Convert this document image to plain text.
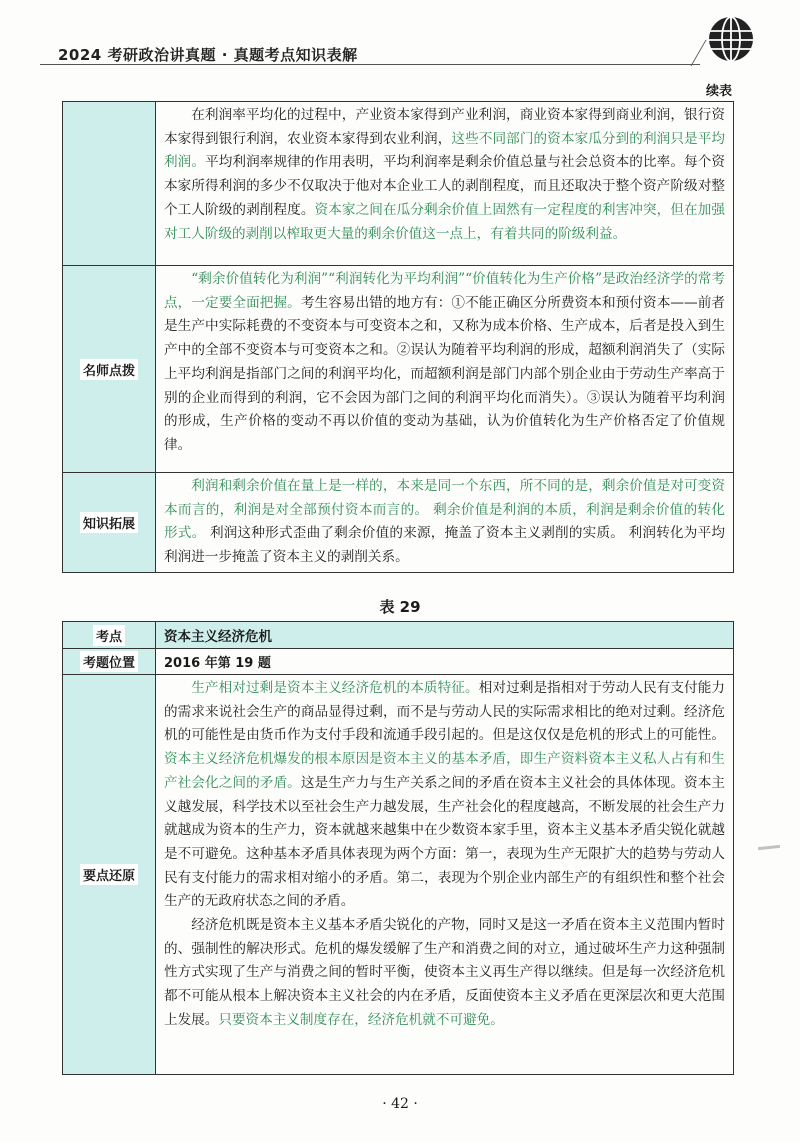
2024 考研政治讲真题 · 真题考点知识表解
续表

	在利润率平均化的过程中，产业资本家得到产业利润，商业资本家得到商业利润，银行资本家得到银行利润，农业资本家得到农业利润，这些不同部门的资本家瓜分到的利润只是平均利润。平均利润率规律的作用表明，平均利润率是剩余价值总量与社会总资本的比率。每个资本家所得利润的多少不仅取决于他对本企业工人的剥削程度，而且还取决于整个资产阶级对整个工人阶级的剥削程度。资本家之间在瓜分剩余价值上固然有一定程度的利害冲突，但在加强对工人阶级的剥削以榨取更大量的剩余价值这一点上，有着共同的阶级利益。

名师点拨	“剩余价值转化为利润”“利润转化为平均利润”“价值转化为生产价格”是政治经济学的常考点，一定要全面把握。考生容易出错的地方有：①不能正确区分所费资本和预付资本——前者是生产中实际耗费的不变资本与可变资本之和，又称为成本价格、生产成本，后者是投入到生产中的全部不变资本与可变资本之和。②误认为随着平均利润的形成，超额利润消失了（实际上平均利润是指部门之间的利润平均化，而超额利润是部门内部个别企业由于劳动生产率高于别的企业而得到的利润，它不会因为部门之间的利润平均化而消失）。③误认为随着平均利润的形成，生产价格的变动不再以价值的变动为基础，认为价值转化为生产价格否定了价值规律。

知识拓展	利润和剩余价值在量上是一样的，本来是同一个东西，所不同的是，剩余价值是对可变资本而言的，利润是对全部预付资本而言的。 剩余价值是利润的本质，利润是剩余价值的转化形式。 利润这种形式歪曲了剩余价值的来源，掩盖了资本主义剥削的实质。 利润转化为平均利润进一步掩盖了资本主义的剥削关系。

表 29
考点	资本主义经济危机
考题位置	2016 年第 19 题
要点还原	生产相对过剩是资本主义经济危机的本质特征。相对过剩是指相对于劳动人民有支付能力的需求来说社会生产的商品显得过剩，而不是与劳动人民的实际需求相比的绝对过剩。经济危机的可能性是由货币作为支付手段和流通手段引起的。但是这仅仅是危机的形式上的可能性。资本主义经济危机爆发的根本原因是资本主义的基本矛盾，即生产资料资本主义私人占有和生产社会化之间的矛盾。这是生产力与生产关系之间的矛盾在资本主义社会的具体体现。资本主义越发展，科学技术以至社会生产力越发展，生产社会化的程度越高，不断发展的社会生产力就越成为资本的生产力，资本就越来越集中在少数资本家手里，资本主义基本矛盾尖锐化就越是不可避免。这种基本矛盾具体表现为两个方面：第一，表现为生产无限扩大的趋势与劳动人民有支付能力的需求相对缩小的矛盾。第二，表现为个别企业内部生产的有组织性和整个社会生产的无政府状态之间的矛盾。

经济危机既是资本主义基本矛盾尖锐化的产物，同时又是这一矛盾在资本主义范围内暂时的、强制性的解决形式。危机的爆发缓解了生产和消费之间的对立，通过破坏生产力这种强制性方式实现了生产与消费之间的暂时平衡，使资本主义再生产得以继续。但是每一次经济危机都不可能从根本上解决资本主义社会的内在矛盾，反面使资本主义矛盾在更深层次和更大范围上发展。只要资本主义制度存在，经济危机就不可避免。

· 42 ·
